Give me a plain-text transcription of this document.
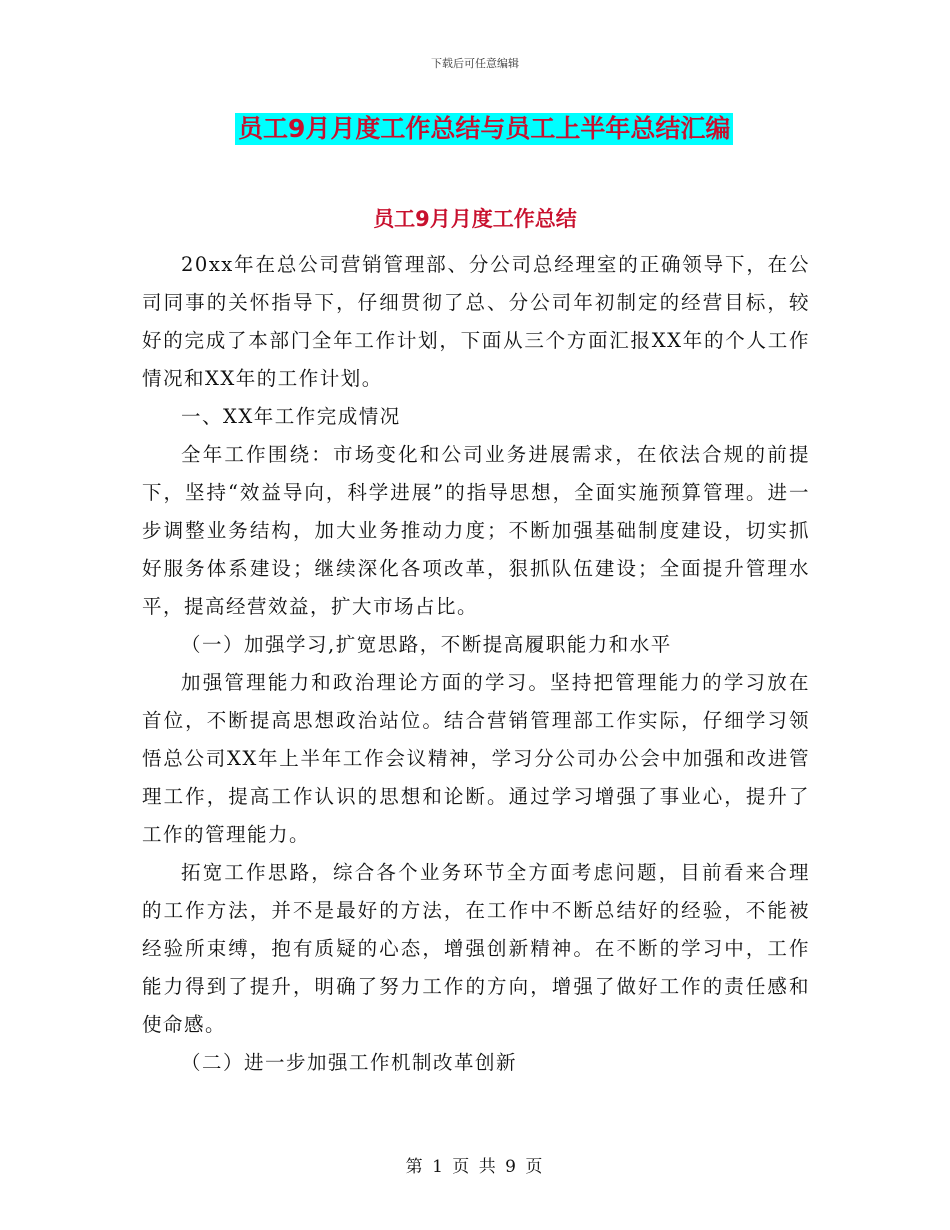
下载后可任意编辑
员工9月月度工作总结与员工上半年总结汇编
员工9月月度工作总结

20xx年在总公司营销管理部、分公司总经理室的正确领导下，在公司同事的关怀指导下，仔细贯彻了总、分公司年初制定的经营目标，较好的完成了本部门全年工作计划，下面从三个方面汇报XX年的个人工作情况和XX年的工作计划。

一、XX年工作完成情况

全年工作围绕：市场变化和公司业务进展需求，在依法合规的前提下，坚持“效益导向，科学进展”的指导思想，全面实施预算管理。进一步调整业务结构，加大业务推动力度；不断加强基础制度建设，切实抓好服务体系建设；继续深化各项改革，狠抓队伍建设；全面提升管理水平，提高经营效益，扩大市场占比。

（一）加强学习,扩宽思路，不断提高履职能力和水平

加强管理能力和政治理论方面的学习。坚持把管理能力的学习放在首位，不断提高思想政治站位。结合营销管理部工作实际，仔细学习领悟总公司XX年上半年工作会议精神，学习分公司办公会中加强和改进管理工作，提高工作认识的思想和论断。通过学习增强了事业心，提升了工作的管理能力。

拓宽工作思路，综合各个业务环节全方面考虑问题，目前看来合理的工作方法，并不是最好的方法，在工作中不断总结好的经验，不能被经验所束缚，抱有质疑的心态，增强创新精神。在不断的学习中，工作能力得到了提升，明确了努力工作的方向，增强了做好工作的责任感和使命感。

（二）进一步加强工作机制改革创新

第 1 页 共 9 页
